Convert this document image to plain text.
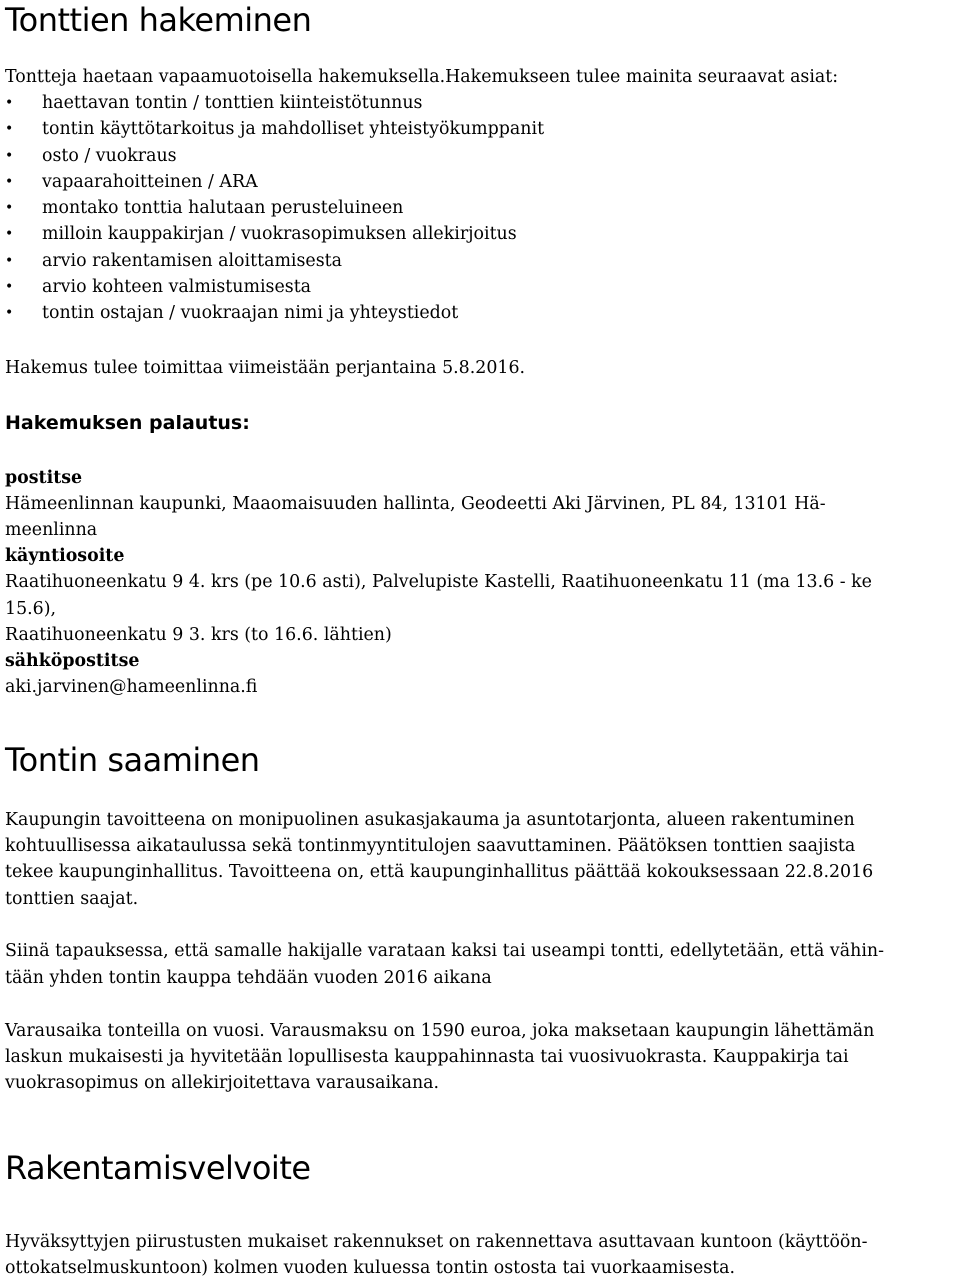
Tonttien hakeminen

Tontteja haetaan vapaamuotoisella hakemuksella.Hakemukseen tulee mainita seuraavat asiat:

• haettavan tontin / tonttien kiinteistötunnus
• tontin käyttötarkoitus ja mahdolliset yhteistyökumppanit
• osto / vuokraus
• vapaarahoitteinen / ARA
• montako tonttia halutaan perusteluineen
• milloin kauppakirjan / vuokrasopimuksen allekirjoitus
• arvio rakentamisen aloittamisesta
• arvio kohteen valmistumisesta
• tontin ostajan / vuokraajan nimi ja yhteystiedot

Hakemus tulee toimittaa viimeistään perjantaina 5.8.2016.

Hakemuksen palautus:

postitse

Hämeenlinnan kaupunki, Maaomaisuuden hallinta, Geodeetti Aki Järvinen, PL 84, 13101 Hä-

meenlinna

käyntiosoite

Raatihuoneenkatu 9 4. krs (pe 10.6 asti), Palvelupiste Kastelli, Raatihuoneenkatu 11 (ma 13.6 - ke

15.6),

Raatihuoneenkatu 9 3. krs (to 16.6. lähtien)

sähköpostitse

aki.jarvinen@hameenlinna.fi

Tontin saaminen

Kaupungin tavoitteena on monipuolinen asukasjakauma ja asuntotarjonta, alueen rakentuminen

kohtuullisessa aikataulussa sekä tontinmyyntitulojen saavuttaminen. Päätöksen tonttien saajista

tekee kaupunginhallitus. Tavoitteena on, että kaupunginhallitus päättää kokouksessaan 22.8.2016

tonttien saajat.

Siinä tapauksessa, että samalle hakijalle varataan kaksi tai useampi tontti, edellytetään, että vähin-

tään yhden tontin kauppa tehdään vuoden 2016 aikana

Varausaika tonteilla on vuosi. Varausmaksu on 1590 euroa, joka maksetaan kaupungin lähettämän

laskun mukaisesti ja hyvitetään lopullisesta kauppahinnasta tai vuosivuokrasta. Kauppakirja tai

vuokrasopimus on allekirjoitettava varausaikana.

Rakentamisvelvoite

Hyväksyttyjen piirustusten mukaiset rakennukset on rakennettava asuttavaan kuntoon (käyttöön-

ottokatselmuskuntoon) kolmen vuoden kuluessa tontin ostosta tai vuorkaamisesta.
